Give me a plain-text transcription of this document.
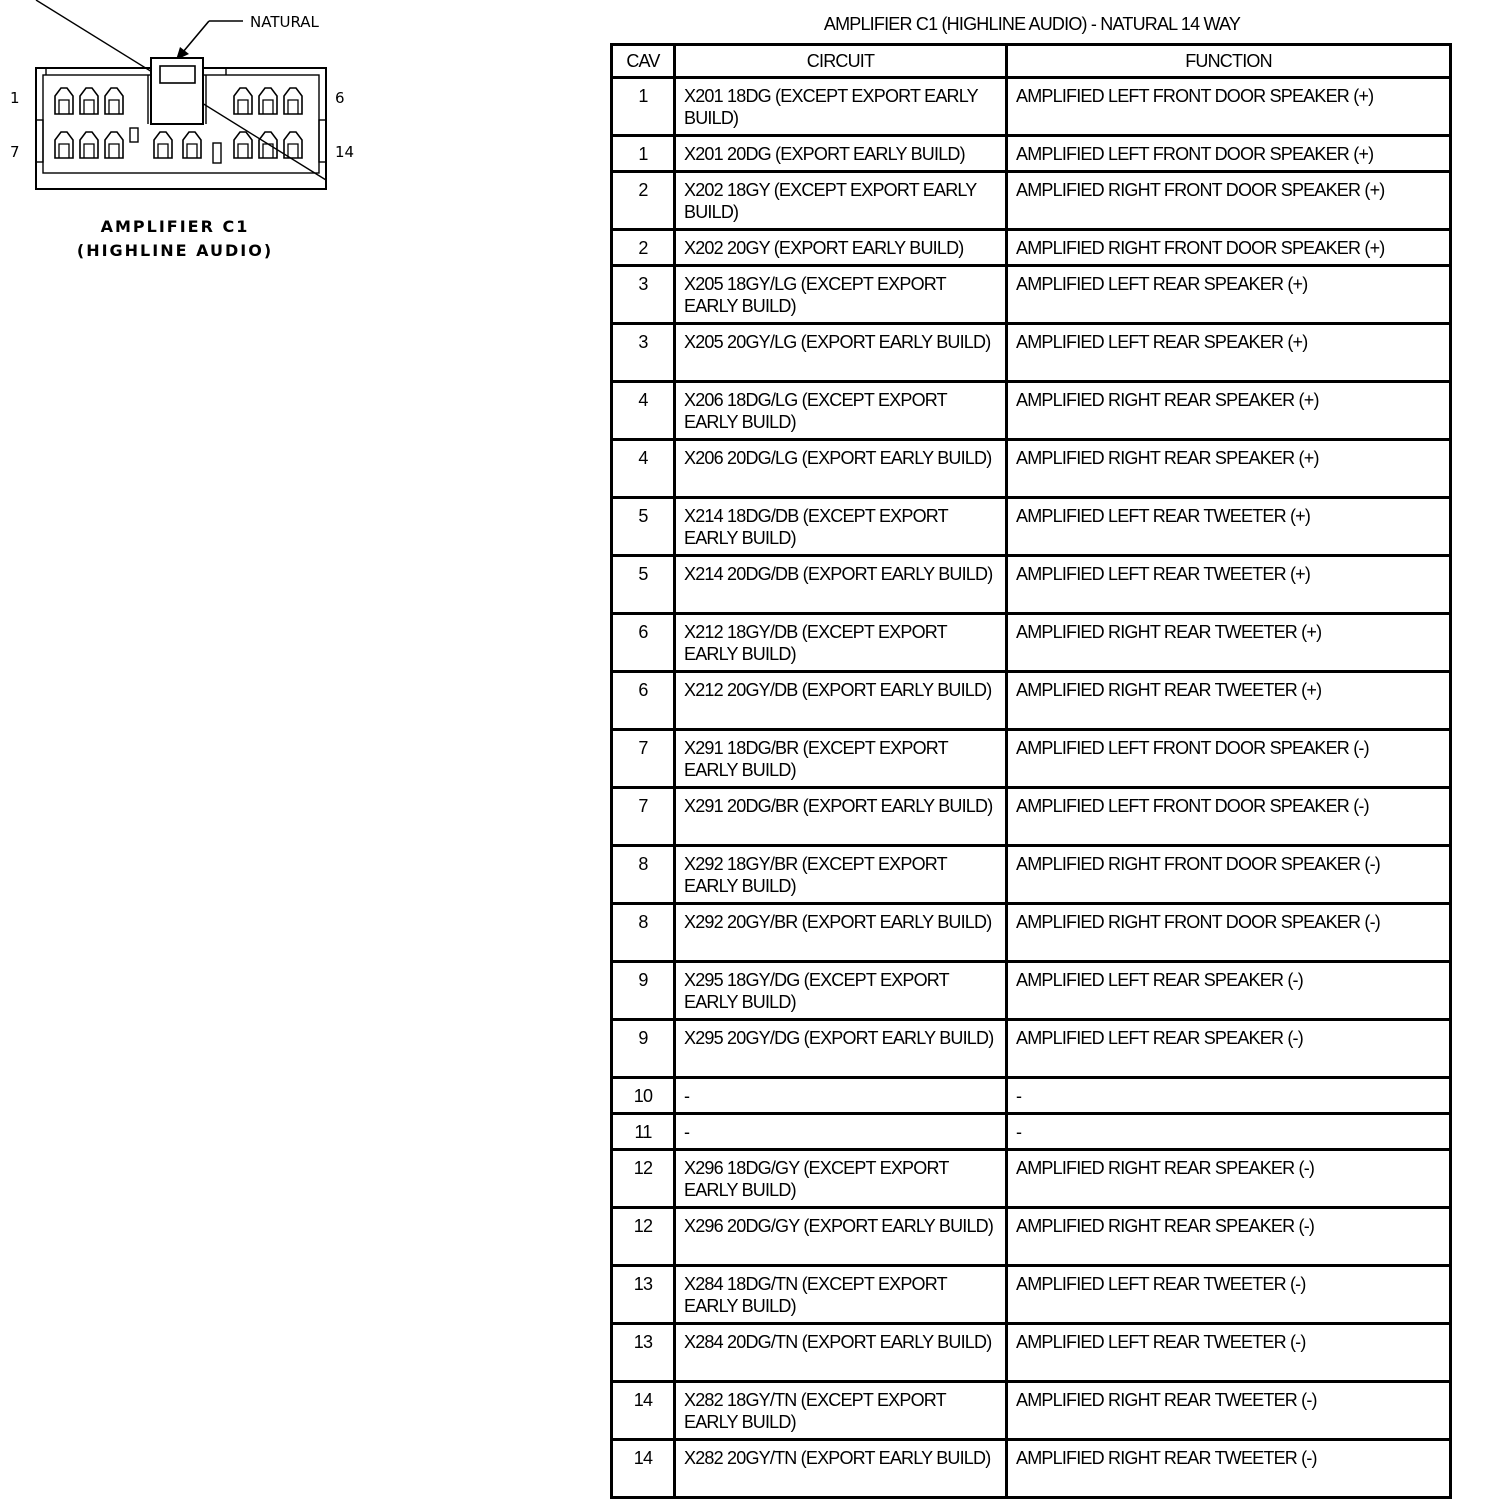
NATURAL
1	6
7	14
AMPLIFIER C1
(HIGHLINE AUDIO)
AMPLIFIER C1 (HIGHLINE AUDIO) - NATURAL 14 WAY
CAV	CIRCUIT	FUNCTION
1	X201 18DG (EXCEPT EXPORT EARLY BUILD)	AMPLIFIED LEFT FRONT DOOR SPEAKER (+)
1	X201 20DG (EXPORT EARLY BUILD)	AMPLIFIED LEFT FRONT DOOR SPEAKER (+)
2	X202 18GY (EXCEPT EXPORT EARLY BUILD)	AMPLIFIED RIGHT FRONT DOOR SPEAKER (+)
2	X202 20GY (EXPORT EARLY BUILD)	AMPLIFIED RIGHT FRONT DOOR SPEAKER (+)
3	X205 18GY/LG (EXCEPT EXPORT EARLY BUILD)	AMPLIFIED LEFT REAR SPEAKER (+)
3	X205 20GY/LG (EXPORT EARLY BUILD)	AMPLIFIED LEFT REAR SPEAKER (+)
4	X206 18DG/LG (EXCEPT EXPORT EARLY BUILD)	AMPLIFIED RIGHT REAR SPEAKER (+)
4	X206 20DG/LG (EXPORT EARLY BUILD)	AMPLIFIED RIGHT REAR SPEAKER (+)
5	X214 18DG/DB (EXCEPT EXPORT EARLY BUILD)	AMPLIFIED LEFT REAR TWEETER (+)
5	X214 20DG/DB (EXPORT EARLY BUILD)	AMPLIFIED LEFT REAR TWEETER (+)
6	X212 18GY/DB (EXCEPT EXPORT EARLY BUILD)	AMPLIFIED RIGHT REAR TWEETER (+)
6	X212 20GY/DB (EXPORT EARLY BUILD)	AMPLIFIED RIGHT REAR TWEETER (+)
7	X291 18DG/BR (EXCEPT EXPORT EARLY BUILD)	AMPLIFIED LEFT FRONT DOOR SPEAKER (-)
7	X291 20DG/BR (EXPORT EARLY BUILD)	AMPLIFIED LEFT FRONT DOOR SPEAKER (-)
8	X292 18GY/BR (EXCEPT EXPORT EARLY BUILD)	AMPLIFIED RIGHT FRONT DOOR SPEAKER (-)
8	X292 20GY/BR (EXPORT EARLY BUILD)	AMPLIFIED RIGHT FRONT DOOR SPEAKER (-)
9	X295 18GY/DG (EXCEPT EXPORT EARLY BUILD)	AMPLIFIED LEFT REAR SPEAKER (-)
9	X295 20GY/DG (EXPORT EARLY BUILD)	AMPLIFIED LEFT REAR SPEAKER (-)
10	-	-
11	-	-
12	X296 18DG/GY (EXCEPT EXPORT EARLY BUILD)	AMPLIFIED RIGHT REAR SPEAKER (-)
12	X296 20DG/GY (EXPORT EARLY BUILD)	AMPLIFIED RIGHT REAR SPEAKER (-)
13	X284 18DG/TN (EXCEPT EXPORT EARLY BUILD)	AMPLIFIED LEFT REAR TWEETER (-)
13	X284 20DG/TN (EXPORT EARLY BUILD)	AMPLIFIED LEFT REAR TWEETER (-)
14	X282 18GY/TN (EXCEPT EXPORT EARLY BUILD)	AMPLIFIED RIGHT REAR TWEETER (-)
14	X282 20GY/TN (EXPORT EARLY BUILD)	AMPLIFIED RIGHT REAR TWEETER (-)
